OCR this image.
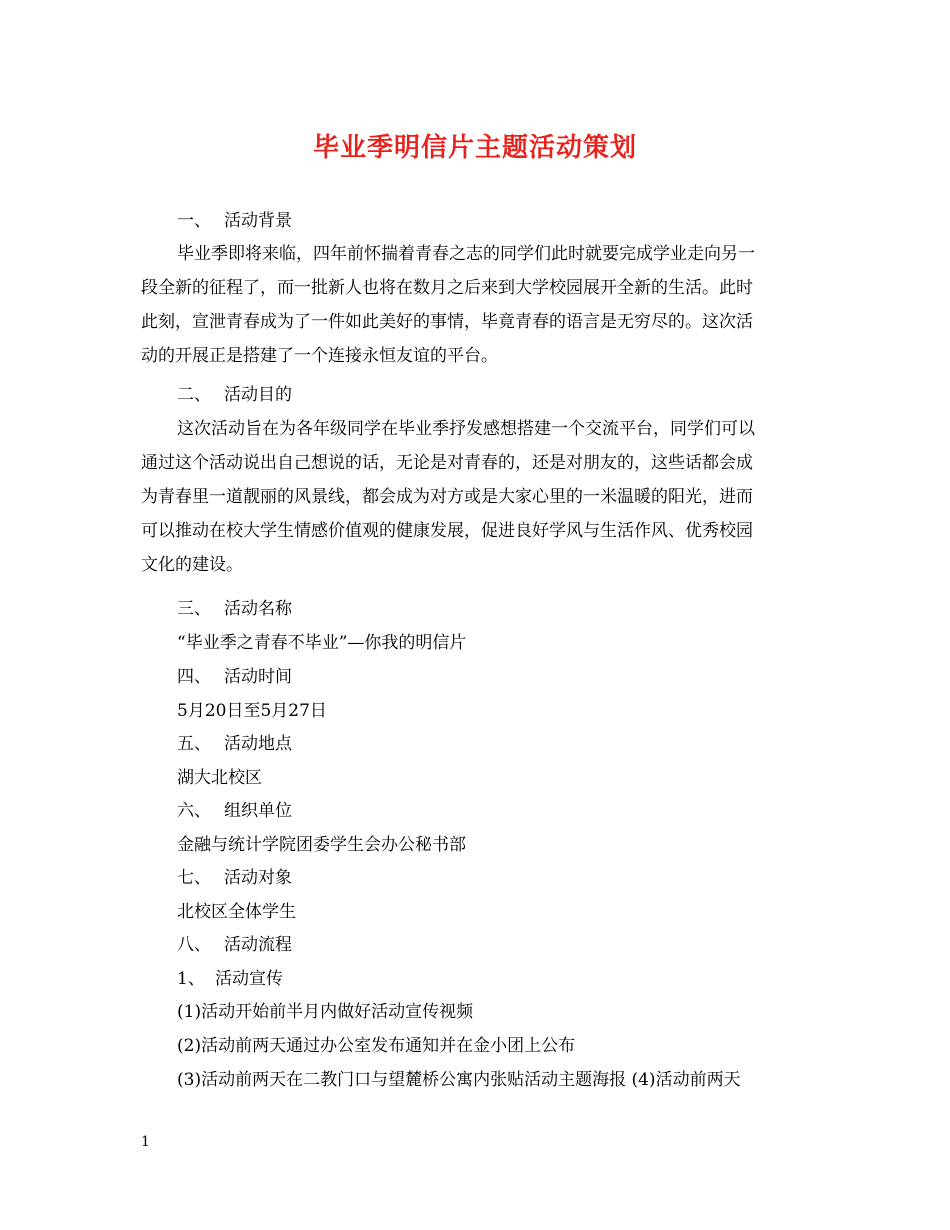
毕业季明信片主题活动策划
一、 活动背景
毕业季即将来临，四年前怀揣着青春之志的同学们此时就要完成学业走向另一
段全新的征程了，而一批新人也将在数月之后来到大学校园展开全新的生活。此时
此刻，宣泄青春成为了一件如此美好的事情，毕竟青春的语言是无穷尽的。这次活
动的开展正是搭建了一个连接永恒友谊的平台。
二、 活动目的
这次活动旨在为各年级同学在毕业季抒发感想搭建一个交流平台，同学们可以
通过这个活动说出自己想说的话，无论是对青春的，还是对朋友的，这些话都会成
为青春里一道靓丽的风景线，都会成为对方或是大家心里的一米温暖的阳光，进而
可以推动在校大学生情感价值观的健康发展，促进良好学风与生活作风、优秀校园
文化的建设。
三、 活动名称
“毕业季之青春不毕业”—你我的明信片
四、 活动时间
5月20日至5月27日
五、 活动地点
湖大北校区
六、 组织单位
金融与统计学院团委学生会办公秘书部
七、 活动对象
北校区全体学生
八、 活动流程
1、 活动宣传
(1)活动开始前半月内做好活动宣传视频
(2)活动前两天通过办公室发布通知并在金小团上公布
(3)活动前两天在二教门口与望麓桥公寓内张贴活动主题海报 (4)活动前两天
1
